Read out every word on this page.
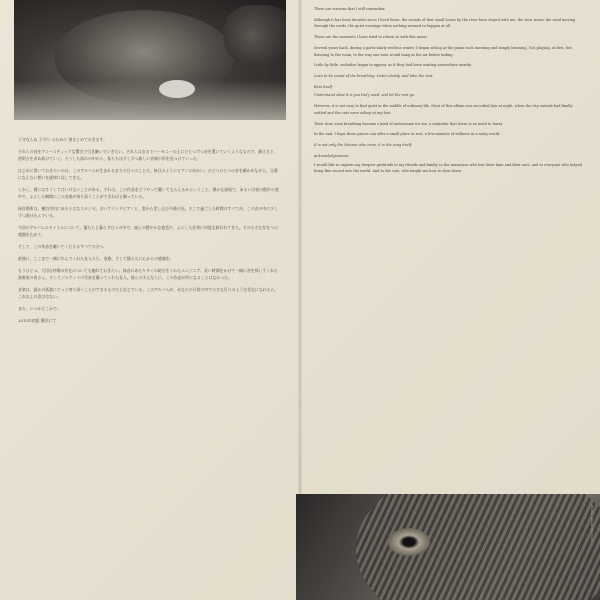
Photo: Ukuyo Shimizu

子守ならぬ 子守り のために 書きとめておきます。

それらの音をアコースティックな響きで引き継いでいきたい。それらはまるでハーモニーの上にひとつずつ音を置いていくようなもので、静けさと、透明さを求め続けていく。そうした試みの中から、私たちは少しずつ新しい音楽の形を見つけていった。

はじめに書いておきたいのは、このアルバムが生まれるまでの日々のことだ。毎日のようにピアノに向かい、ひとつひとつの音を確かめながら、言葉にならない想いを旋律に託してきた。

しかし、僕にはそうしてはいけないことがある。それは、この作品をどうやって聴いてもらえるかということ。静かな部屋で、あるいは夜の散歩の途中で、ふとした瞬間にこの音楽が寄り添うことができればと願っている。

録音場所は、横浜市内にある小さなスタジオ。古いグランドピアノと、窓から差し込む午後の光。そこで過ごした時間のすべてが、この音の中に少しずつ溶け込んでいる。

今回のアルバムのタイトルについて。猫たちと暮らす日々の中で、彼らの穏やかな寝息や、ふとした仕草に何度も救われてきた。その小さな存在への感謝を込めて。

そして、この作品を聴いてくださるすべての方へ。

最後に、ここまで一緒に歩んでくれた友人たち、家族、そして猫たちに心からの感謝を。

もうひとつ、大切な仲間の存在についても触れておきたい。録音にあたり多くの助言をくれたエンジニア、長い時間をかけて一緒に音を探してくれた演奏家の皆さん、そしてジャケットの写真を撮ってくれた友人。彼らの支えなしに、この作品が形になることはなかった。

音楽は、誰かの孤独にそっと寄り添うことができるものだと信じている。このアルバムが、あなたの日常の中で小さな灯りのような存在になれたら、これ以上の喜びはない。

また、いつかどこかで。

2013年初夏 横浜にて

There are streams that I still remember.

Although it has been decades since I lived there, the sounds of that small house by the river have stayed with me, the slow water, the wind moving through the reeds, the quiet evenings when nothing seemed to happen at all.

These are the moments I have tried to return to with this music.

Several years back, during a particularly restless winter, I began sitting at the piano each morning and simply listening. Not playing, at first, but listening to the room, to the way one note would hang in the air before fading.

Little by little, melodies began to appear, as if they had been waiting somewhere nearby.

Lean to be sound of the breathing. Listen slowly. And take the rest.

Rest Itself

Understand what it is you truly need, and let the rest go.

However, it is not easy to find quiet in the middle of ordinary life. Most of this album was recorded late at night, when the city outside had finally settled and the cats were asleep at my feet.

Their slow, even breathing became a kind of metronome for me, a reminder that there is no need to hurry.

In the end, I hope these pieces can offer a small place to rest, a few minutes of stillness in a noisy world.

It is not only the listener who rests, it is the song itself.

Acknowledgements

I would like to express my deepest gratitude to my friends and family, to the musicians who lent their time and their ears, and to everyone who helped bring this record into the world. And to the cats, who taught me how to slow down.
